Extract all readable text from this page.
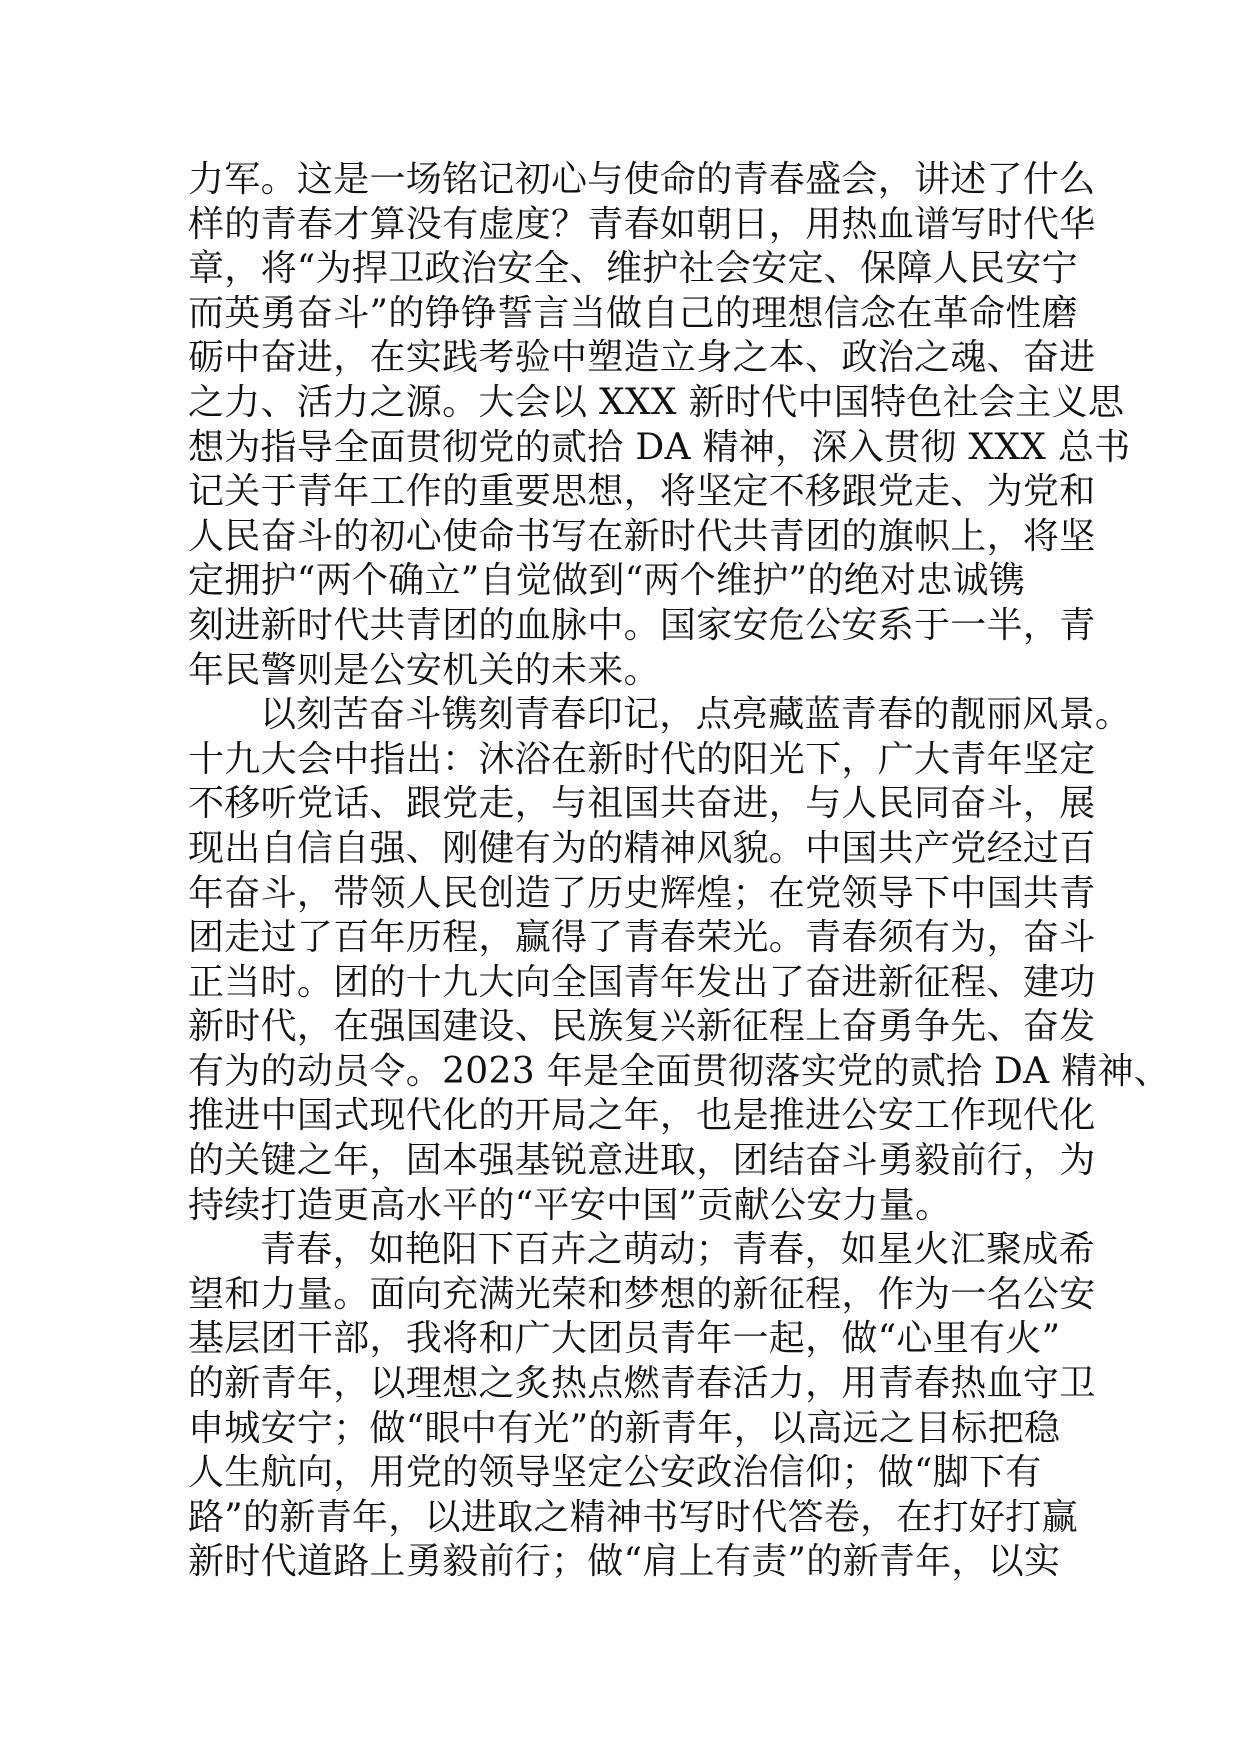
力军。这是一场铭记初心与使命的青春盛会，讲述了什么
样的青春才算没有虚度？青春如朝日，用热血谱写时代华
章，将“为捍卫政治安全、维护社会安定、保障人民安宁
而英勇奋斗”的铮铮誓言当做自己的理想信念在革命性磨
砺中奋进，在实践考验中塑造立身之本、政治之魂、奋进
之力、活力之源。大会以 XXX 新时代中国特色社会主义思
想为指导全面贯彻党的贰拾 DA 精神，深入贯彻 XXX 总书
记关于青年工作的重要思想，将坚定不移跟党走、为党和
人民奋斗的初心使命书写在新时代共青团的旗帜上，将坚
定拥护“两个确立”自觉做到“两个维护”的绝对忠诚镌
刻进新时代共青团的血脉中。国家安危公安系于一半，青
年民警则是公安机关的未来。
以刻苦奋斗镌刻青春印记，点亮藏蓝青春的靓丽风景。
十九大会中指出：沐浴在新时代的阳光下，广大青年坚定
不移听党话、跟党走，与祖国共奋进，与人民同奋斗，展
现出自信自强、刚健有为的精神风貌。中国共产党经过百
年奋斗，带领人民创造了历史辉煌；在党领导下中国共青
团走过了百年历程，赢得了青春荣光。青春须有为，奋斗
正当时。团的十九大向全国青年发出了奋进新征程、建功
新时代，在强国建设、民族复兴新征程上奋勇争先、奋发
有为的动员令。2023 年是全面贯彻落实党的贰拾 DA 精神、
推进中国式现代化的开局之年，也是推进公安工作现代化
的关键之年，固本强基锐意进取，团结奋斗勇毅前行，为
持续打造更高水平的“平安中国”贡献公安力量。
青春，如艳阳下百卉之萌动；青春，如星火汇聚成希
望和力量。面向充满光荣和梦想的新征程，作为一名公安
基层团干部，我将和广大团员青年一起，做“心里有火”
的新青年，以理想之炙热点燃青春活力，用青春热血守卫
申城安宁；做“眼中有光”的新青年，以高远之目标把稳
人生航向，用党的领导坚定公安政治信仰；做“脚下有
路”的新青年，以进取之精神书写时代答卷，在打好打赢
新时代道路上勇毅前行；做“肩上有责”的新青年，以实
